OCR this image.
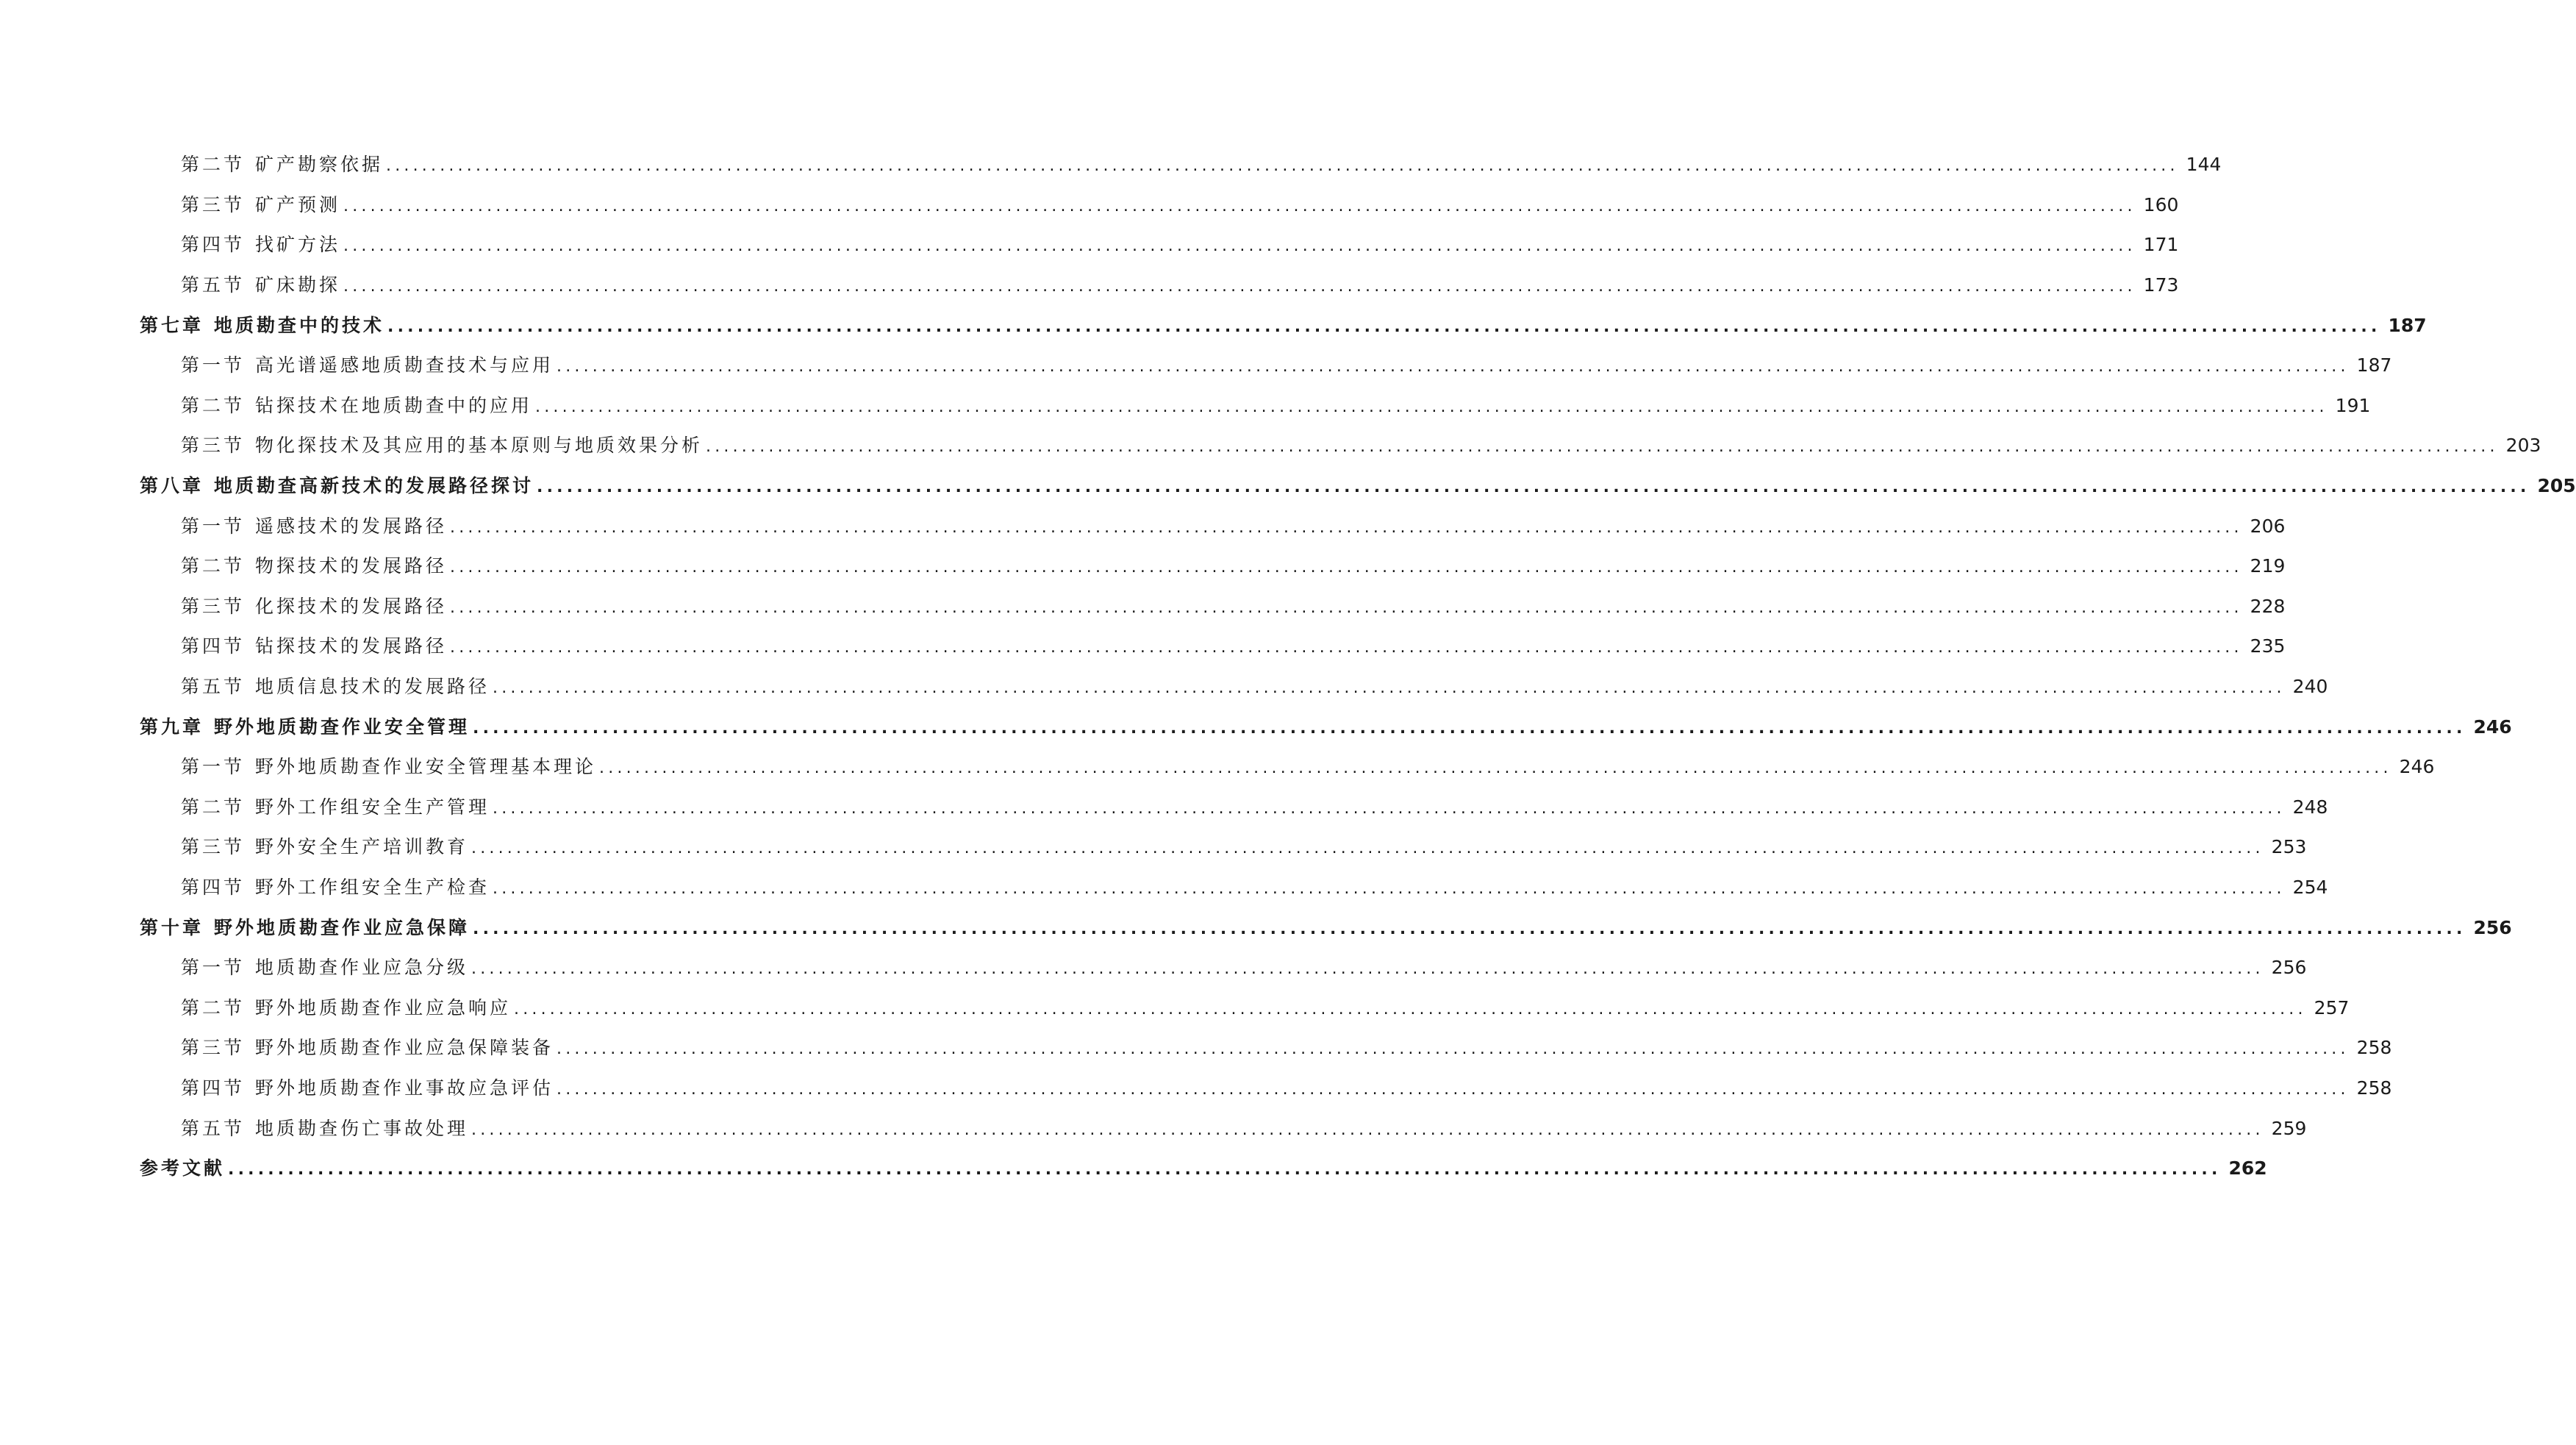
第二节 矿产勘察依据 ........................................................................................................................................................................................................ 144
第三节 矿产预测 ........................................................................................................................................................................................................ 160
第四节 找矿方法 ........................................................................................................................................................................................................ 171
第五节 矿床勘探 ........................................................................................................................................................................................................ 173
第七章 地质勘查中的技术 ........................................................................................................................................................................................................ 187
第一节 高光谱遥感地质勘查技术与应用 ........................................................................................................................................................................................................ 187
第二节 钻探技术在地质勘查中的应用 ........................................................................................................................................................................................................ 191
第三节 物化探技术及其应用的基本原则与地质效果分析 ........................................................................................................................................................................................................ 203
第八章 地质勘查高新技术的发展路径探讨 ........................................................................................................................................................................................................ 205
第一节 遥感技术的发展路径 ........................................................................................................................................................................................................ 206
第二节 物探技术的发展路径 ........................................................................................................................................................................................................ 219
第三节 化探技术的发展路径 ........................................................................................................................................................................................................ 228
第四节 钻探技术的发展路径 ........................................................................................................................................................................................................ 235
第五节 地质信息技术的发展路径 ........................................................................................................................................................................................................ 240
第九章 野外地质勘查作业安全管理 ........................................................................................................................................................................................................ 246
第一节 野外地质勘查作业安全管理基本理论 ........................................................................................................................................................................................................ 246
第二节 野外工作组安全生产管理 ........................................................................................................................................................................................................ 248
第三节 野外安全生产培训教育 ........................................................................................................................................................................................................ 253
第四节 野外工作组安全生产检查 ........................................................................................................................................................................................................ 254
第十章 野外地质勘查作业应急保障 ........................................................................................................................................................................................................ 256
第一节 地质勘查作业应急分级 ........................................................................................................................................................................................................ 256
第二节 野外地质勘查作业应急响应 ........................................................................................................................................................................................................ 257
第三节 野外地质勘查作业应急保障装备 ........................................................................................................................................................................................................ 258
第四节 野外地质勘查作业事故应急评估 ........................................................................................................................................................................................................ 258
第五节 地质勘查伤亡事故处理 ........................................................................................................................................................................................................ 259
参考文献 ........................................................................................................................................................................................................ 262
